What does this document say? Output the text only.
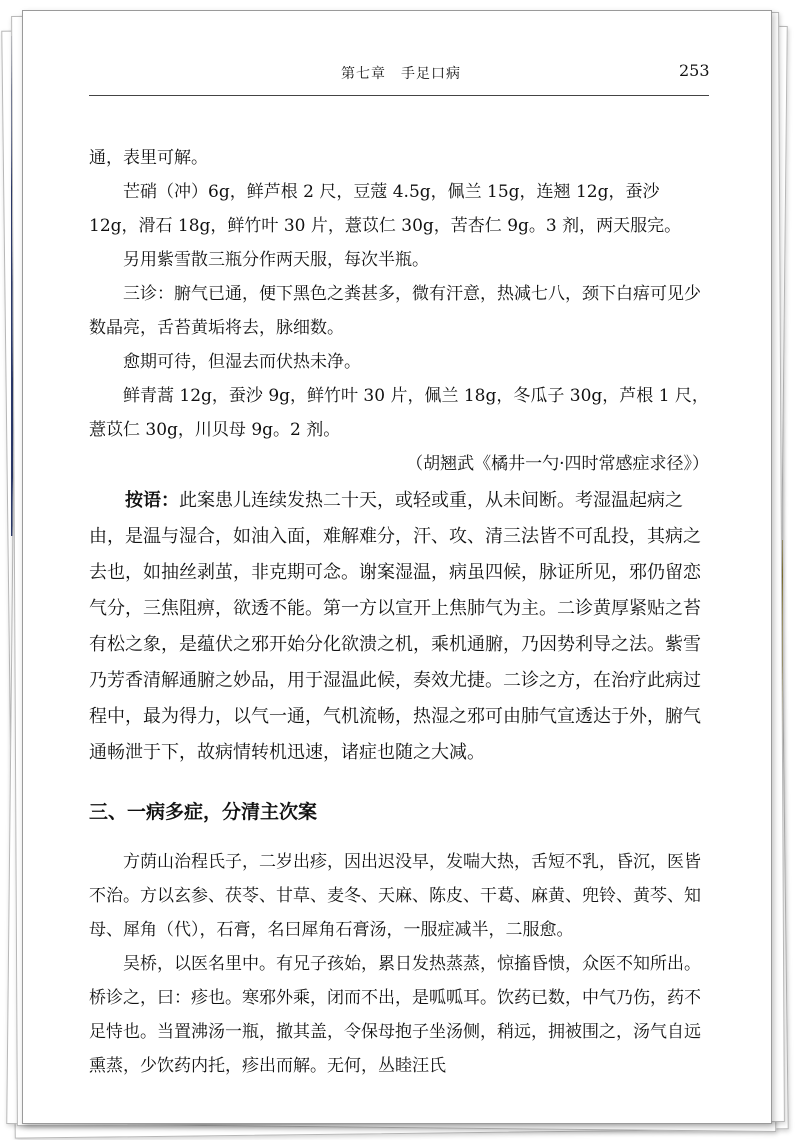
第七章　手足口病	253

通，表里可解。

芒硝（冲）6g，鲜芦根 2 尺，豆蔻 4.5g，佩兰 15g，连翘 12g，蚕沙 12g，滑石 18g，鲜竹叶 30 片，薏苡仁 30g，苦杏仁 9g。3 剂，两天服完。

另用紫雪散三瓶分作两天服，每次半瓶。

三诊：腑气已通，便下黑色之粪甚多，微有汗意，热减七八，颈下白痦可见少数晶亮，舌苔黄垢将去，脉细数。

愈期可待，但湿去而伏热未净。

鲜青蒿 12g，蚕沙 9g，鲜竹叶 30 片，佩兰 18g，冬瓜子 30g，芦根 1 尺，薏苡仁 30g，川贝母 9g。2 剂。

（胡翘武《橘井一勺·四时常感症求径》）

按语：此案患儿连续发热二十天，或轻或重，从未间断。考湿温起病之由，是温与湿合，如油入面，难解难分，汗、攻、清三法皆不可乱投，其病之去也，如抽丝剥茧，非克期可念。谢案湿温，病虽四候，脉证所见，邪仍留恋气分，三焦阻痹，欲透不能。第一方以宣开上焦肺气为主。二诊黄厚紧贴之苔有松之象，是蕴伏之邪开始分化欲溃之机，乘机通腑，乃因势利导之法。紫雪乃芳香清解通腑之妙品，用于湿温此候，奏效尤捷。二诊之方，在治疗此病过程中，最为得力，以气一通，气机流畅，热湿之邪可由肺气宣透达于外，腑气通畅泄于下，故病情转机迅速，诸症也随之大减。

三、一病多症，分清主次案

方荫山治程氏子，二岁出疹，因出迟没早，发喘大热，舌短不乳，昏沉，医皆不治。方以玄参、茯苓、甘草、麦冬、天麻、陈皮、干葛、麻黄、兜铃、黄芩、知母、犀角（代），石膏，名曰犀角石膏汤，一服症减半，二服愈。

吴桥，以医名里中。有兄子孩始，累日发热蒸蒸，惊搐昏愦，众医不知所出。桥诊之，曰：疹也。寒邪外乘，闭而不出，是呱呱耳。饮药已数，中气乃伤，药不足恃也。当置沸汤一瓶，撤其盖，令保母抱子坐汤侧，稍远，拥被围之，汤气自远熏蒸，少饮药内托，疹出而解。无何，丛睦汪氏
